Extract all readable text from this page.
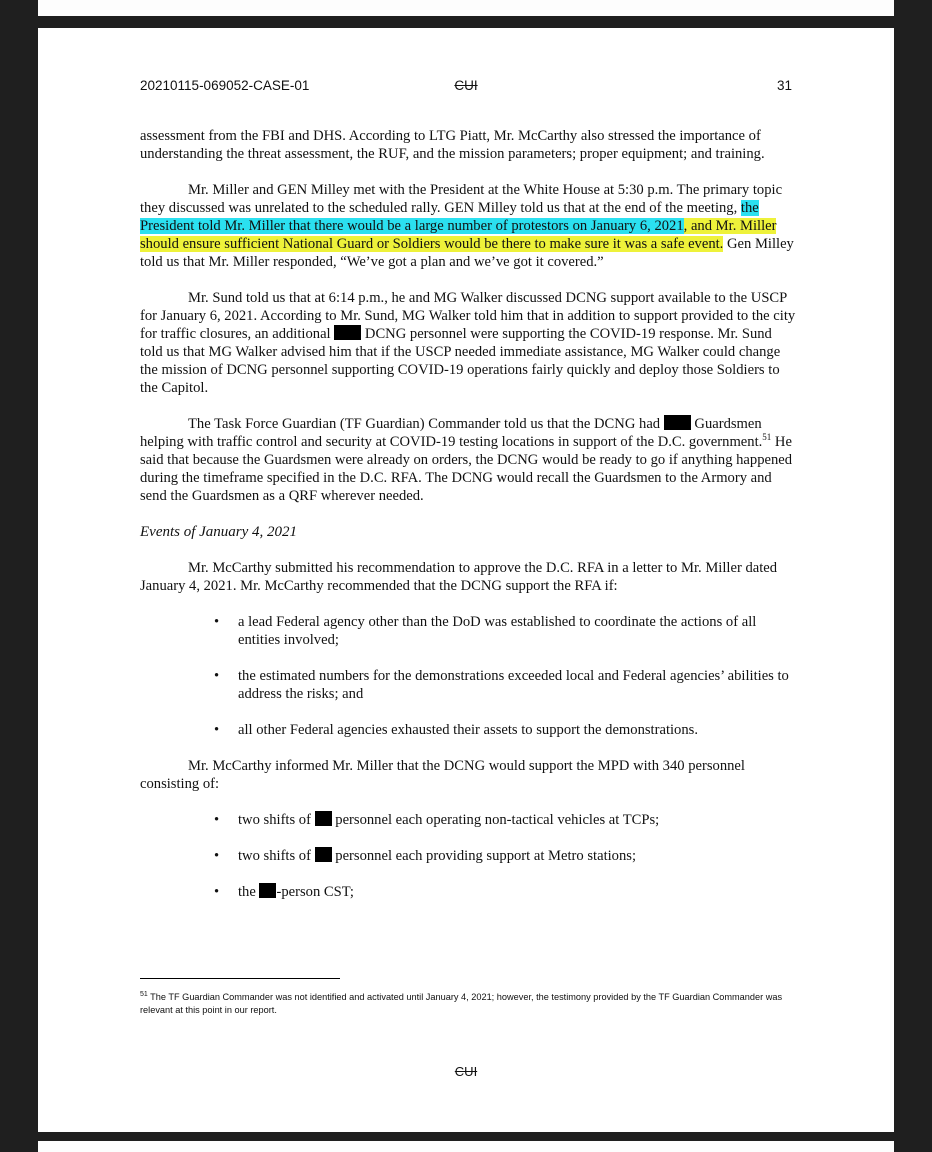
20210115-069052-CASE-01	CUI	31

assessment from the FBI and DHS. According to LTG Piatt, Mr. McCarthy also stressed the importance of understanding the threat assessment, the RUF, and the mission parameters; proper equipment; and training.

Mr. Miller and GEN Milley met with the President at the White House at 5:30 p.m. The primary topic they discussed was unrelated to the scheduled rally. GEN Milley told us that at the end of the meeting, the President told Mr. Miller that there would be a large number of protestors on January 6, 2021, and Mr. Miller should ensure sufficient National Guard or Soldiers would be there to make sure it was a safe event. Gen Milley told us that Mr. Miller responded, “We’ve got a plan and we’ve got it covered.”

Mr. Sund told us that at 6:14 p.m., he and MG Walker discussed DCNG support available to the USCP for January 6, 2021. According to Mr. Sund, MG Walker told him that in addition to support provided to the city for traffic closures, an additional  DCNG personnel were supporting the COVID-19 response. Mr. Sund told us that MG Walker advised him that if the USCP needed immediate assistance, MG Walker could change the mission of DCNG personnel supporting COVID-19 operations fairly quickly and deploy those Soldiers to the Capitol.

The Task Force Guardian (TF Guardian) Commander told us that the DCNG had  Guardsmen helping with traffic control and security at COVID-19 testing locations in support of the D.C. government.$^{51}$ He said that because the Guardsmen were already on orders, the DCNG would be ready to go if anything happened during the timeframe specified in the D.C. RFA. The DCNG would recall the Guardsmen to the Armory and send the Guardsmen as a QRF wherever needed.

Events of January 4, 2021

Mr. McCarthy submitted his recommendation to approve the D.C. RFA in a letter to Mr. Miller dated January 4, 2021. Mr. McCarthy recommended that the DCNG support the RFA if:

• a lead Federal agency other than the DoD was established to coordinate the actions of all entities involved;
• the estimated numbers for the demonstrations exceeded local and Federal agencies’ abilities to address the risks; and
• all other Federal agencies exhausted their assets to support the demonstrations.

Mr. McCarthy informed Mr. Miller that the DCNG would support the MPD with 340 personnel consisting of:

• two shifts of  personnel each operating non-tactical vehicles at TCPs;
• two shifts of  personnel each providing support at Metro stations;
• the -person CST;
$^{51}$ The TF Guardian Commander was not identified and activated until January 4, 2021; however, the testimony provided by the TF Guardian Commander was relevant at this point in our report.
CUI
